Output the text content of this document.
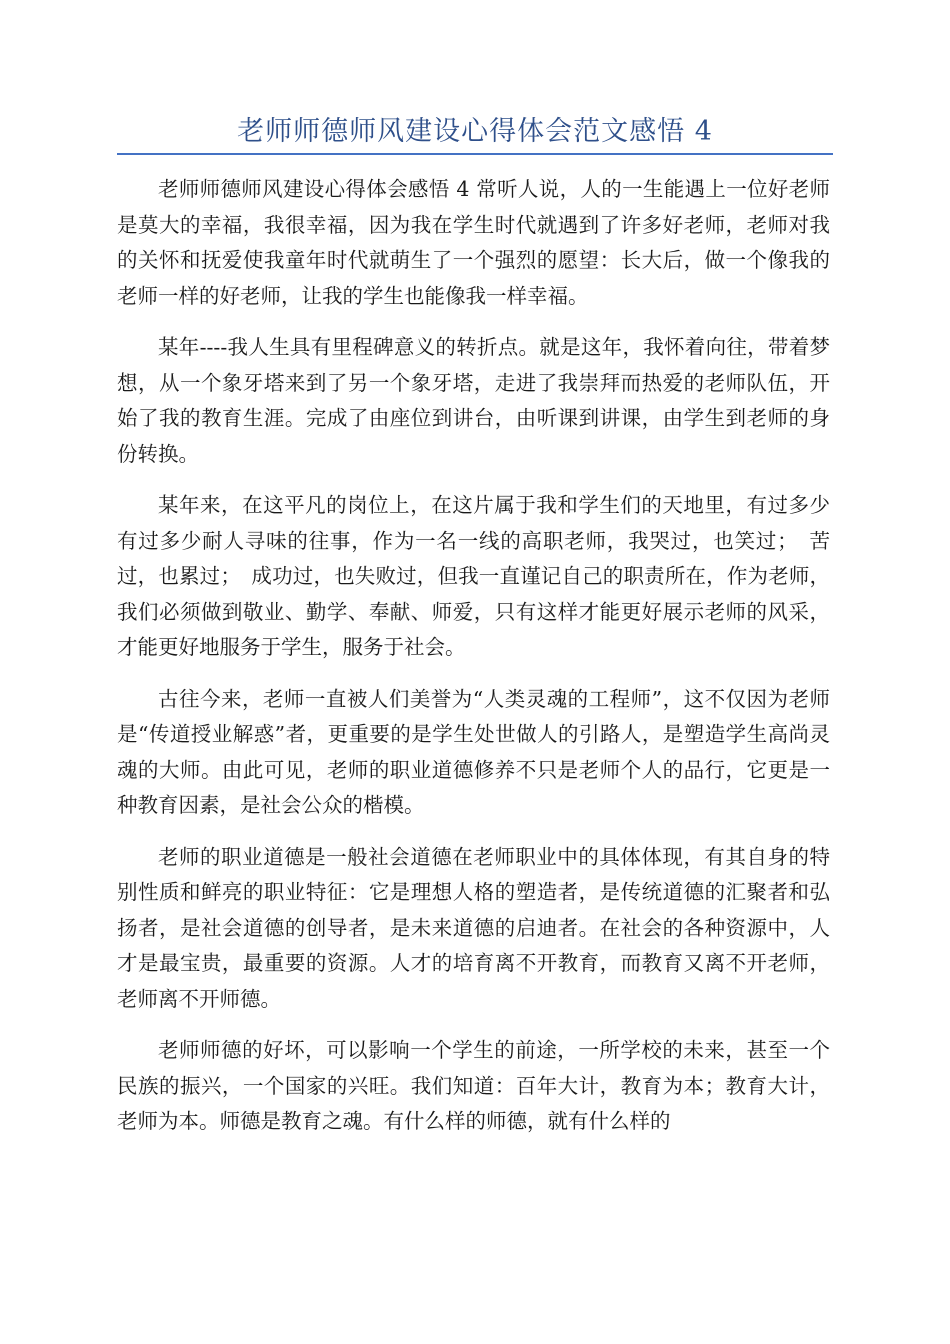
老师师德师风建设心得体会范文感悟 4

老师师德师风建设心得体会感悟 4 常听人说，人的一生能遇上一位好老师是莫大的幸福，我很幸福，因为我在学生时代就遇到了许多好老师，老师对我的关怀和抚爱使我童年时代就萌生了一个强烈的愿望：长大后，做一个像我的老师一样的好老师，让我的学生也能像我一样幸福。

某年----我人生具有里程碑意义的转折点。就是这年，我怀着向往，带着梦想，从一个象牙塔来到了另一个象牙塔，走进了我崇拜而热爱的老师队伍，开始了我的教育生涯。完成了由座位到讲台，由听课到讲课，由学生到老师的身份转换。

某年来，在这平凡的岗位上，在这片属于我和学生们的天地里，有过多少有过多少耐人寻味的往事，作为一名一线的高职老师，我哭过，也笑过；　苦过，也累过；　成功过，也失败过，但我一直谨记自己的职责所在，作为老师，我们必须做到敬业、勤学、奉献、师爱，只有这样才能更好展示老师的风采，才能更好地服务于学生，服务于社会。

古往今来，老师一直被人们美誉为“人类灵魂的工程师”，这不仅因为老师是“传道授业解惑”者，更重要的是学生处世做人的引路人，是塑造学生高尚灵魂的大师。由此可见，老师的职业道德修养不只是老师个人的品行，它更是一种教育因素，是社会公众的楷模。

老师的职业道德是一般社会道德在老师职业中的具体体现，有其自身的特别性质和鲜亮的职业特征：它是理想人格的塑造者，是传统道德的汇聚者和弘扬者，是社会道德的创导者，是未来道德的启迪者。在社会的各种资源中，人才是最宝贵，最重要的资源。人才的培育离不开教育，而教育又离不开老师，老师离不开师德。

老师师德的好坏，可以影响一个学生的前途，一所学校的未来，甚至一个民族的振兴，一个国家的兴旺。我们知道：百年大计，教育为本；教育大计，老师为本。师德是教育之魂。有什么样的师德，就有什么样的
